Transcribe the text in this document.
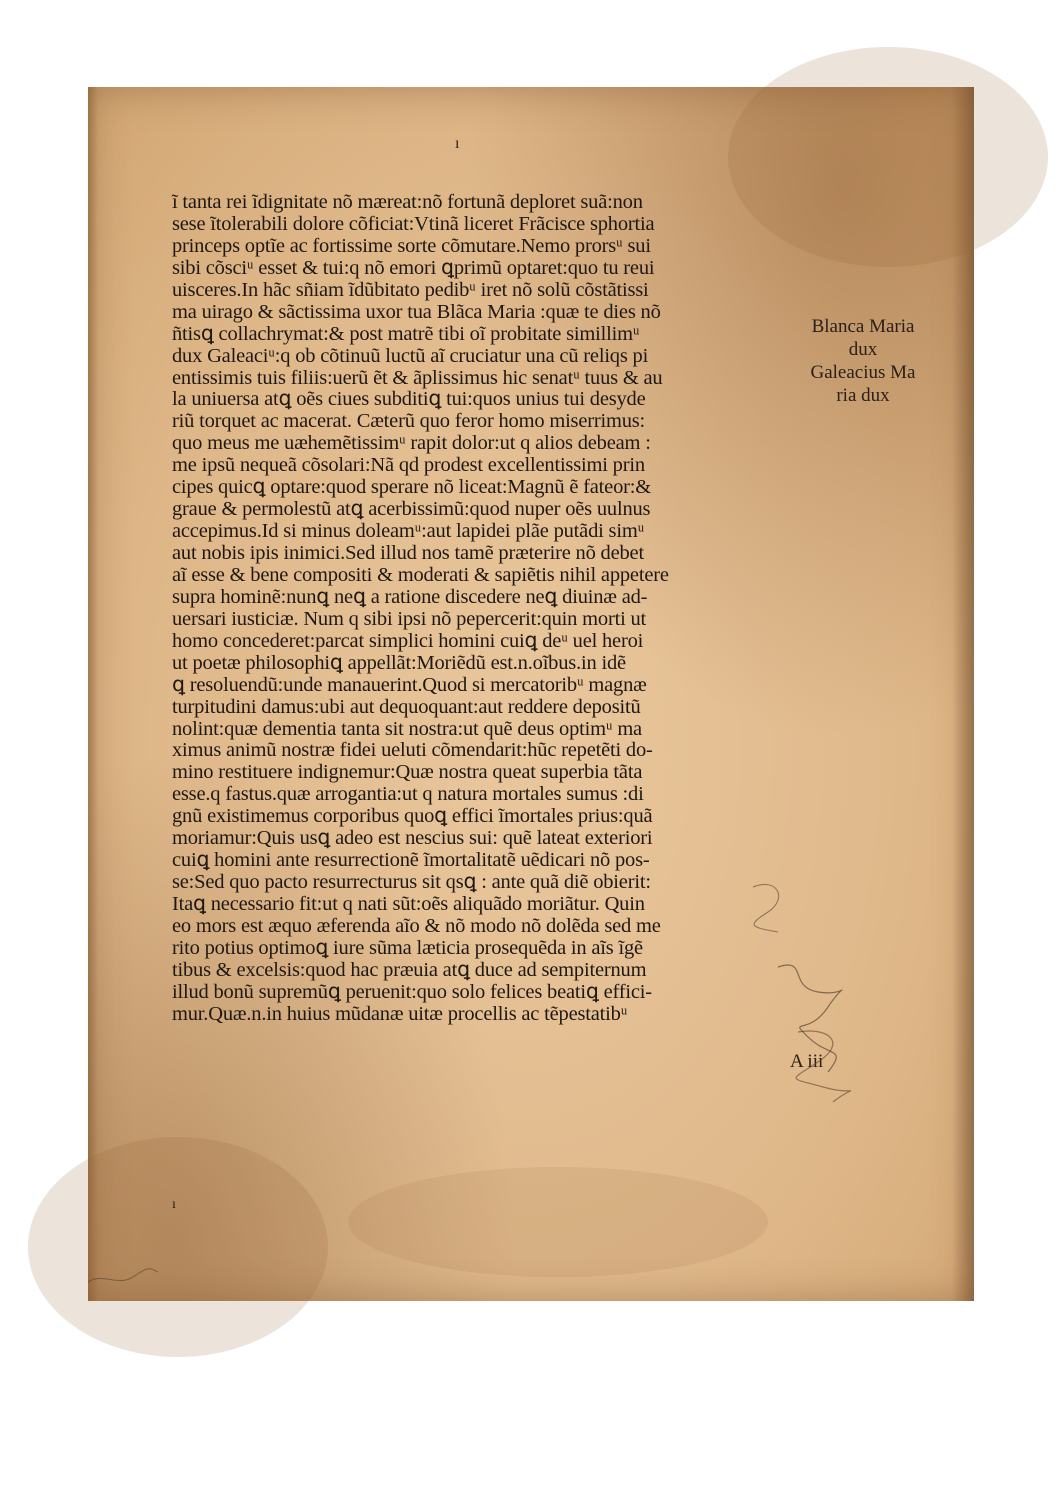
ı
ĩ tanta rei ĩdignitate nõ mæreat:nõ fortunã deploret suã:non
sese ĩtolerabili dolore cõficiat:Vtinã liceret Frãcisce sphortia
princeps optĩe ac fortissime sorte cõmutare.Nemo prorsᵘ sui
sibi cõsciᵘ esset & tui:q nõ emori ꝗprimũ optaret:quo tu reui
uisceres.In hãc sñiam ĩdũbitato pedibᵘ iret nõ solũ cõstãtissi
ma uirago & sãctissima uxor tua Blãca Maria :quæ te dies nõ
ñtisꝗ collachrymat:& post matrẽ tibi oĩ probitate simillimᵘ
dux Galeaciᵘ:q ob cõtinuũ luctũ aĩ cruciatur una cũ reliqs pi
entissimis tuis filiis:uerũ ẽt & ãplissimus hic senatᵘ tuus & au
la uniuersa atꝗ oẽs ciues subditiꝗ tui:quos unius tui desyde
riũ torquet ac macerat. Cæterũ quo feror homo miserrimus:
quo meus me uæhemẽtissimᵘ rapit dolor:ut q alios debeam :
me ipsũ nequeã cõsolari:Nã qd prodest excellentissimi prin
cipes quicꝗ optare:quod sperare nõ liceat:Magnũ ẽ fateor:&
graue & permolestũ atꝗ acerbissimũ:quod nuper oẽs uulnus
accepimus.Id si minus doleamᵘ:aut lapidei plãe putãdi simᵘ
aut nobis ipis inimici.Sed illud nos tamẽ præterire nõ debet
aĩ esse & bene compositi & moderati & sapiẽtis nihil appetere
supra hominẽ:nunꝗ neꝗ a ratione discedere neꝗ diuinæ ad-
uersari iusticiæ. Num q sibi ipsi nõ pepercerit:quin morti ut
homo concederet:parcat simplici homini cuiꝗ deᵘ uel heroi
ut poetæ philosophiꝗ appellãt:Moriẽdũ est.n.oĩbus.in idẽ
ꝗ resoluendũ:unde manauerint.Quod si mercatoribᵘ magnæ
turpitudini damus:ubi aut dequoquant:aut reddere depositũ
nolint:quæ dementia tanta sit nostra:ut quẽ deus optimᵘ ma
ximus animũ nostræ fidei ueluti cõmendarit:hũc repetẽti do-
mino restituere indignemur:Quæ nostra queat superbia tãta
esse.q fastus.quæ arrogantia:ut q natura mortales sumus :di
gnũ existimemus corporibus quoꝗ effici ĩmortales prius:quã
moriamur:Quis usꝗ adeo est nescius sui: quẽ lateat exteriori
cuiꝗ homini ante resurrectionẽ ĩmortalitatẽ uẽdicari nõ pos-
se:Sed quo pacto resurrecturus sit qsꝗ : ante quã diẽ obierit:
Itaꝗ necessario fit:ut q nati sũt:oẽs aliquãdo moriãtur. Quin
eo mors est æquo æferenda aĩo & nõ modo nõ dolẽda sed me
rito potius optimoꝗ iure sũma læticia prosequẽda in aĩs ĩgẽ
tibus & excelsis:quod hac præuia atꝗ duce ad sempiternum
illud bonũ supremũꝗ peruenit:quo solo felices beatiꝗ effici-
mur.Quæ.n.in huius mũdanæ uitæ procellis ac tẽpestatibᵘ
Blanca Maria
dux
Galeacius Ma
ria dux
A iii
ı
